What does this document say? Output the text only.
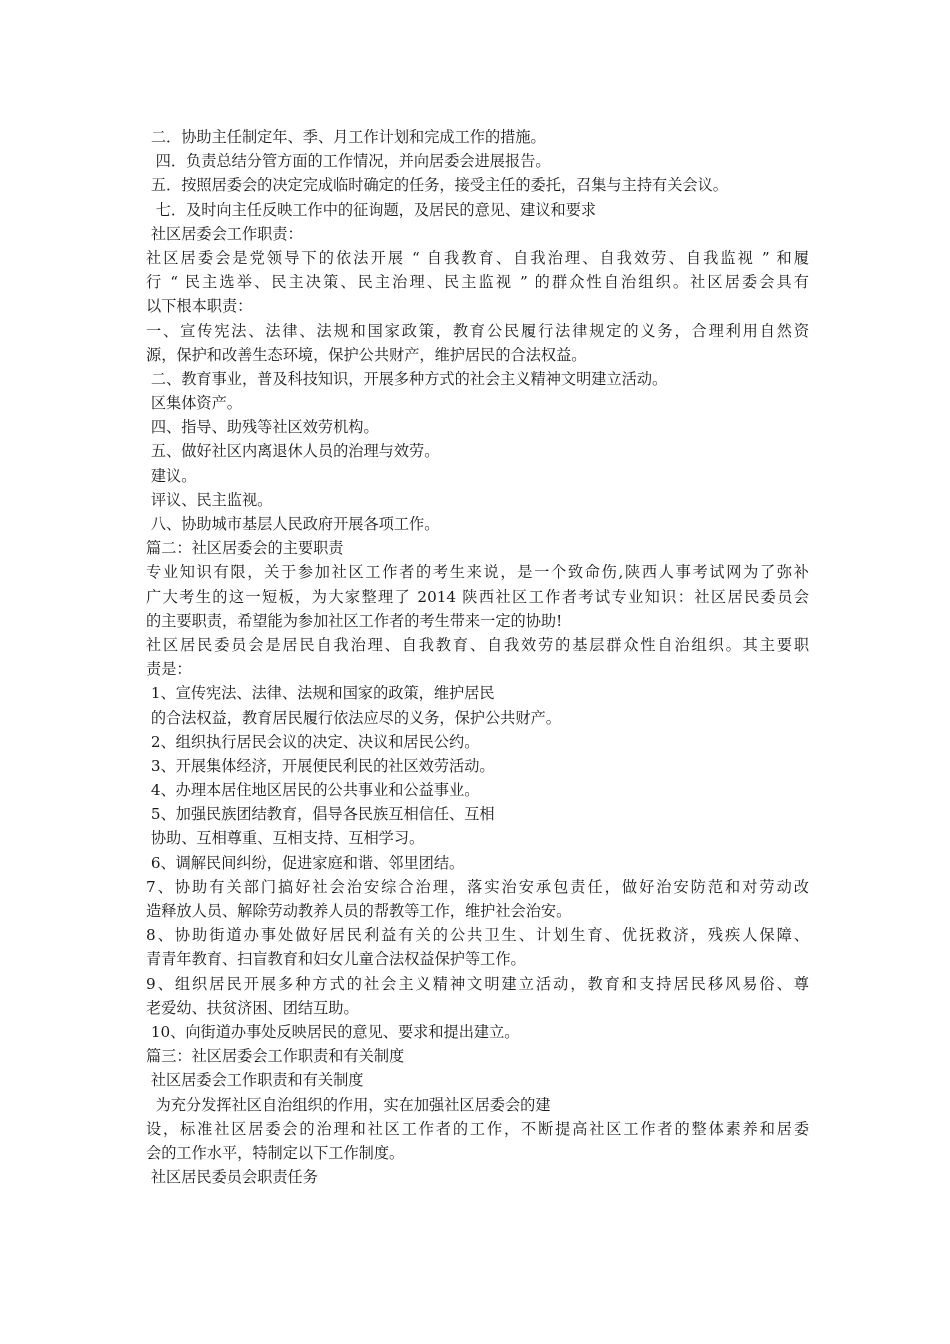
二．协助主任制定年、季、月工作计划和完成工作的措施。
四．负责总结分管方面的工作情况，并向居委会进展报告。
五．按照居委会的决定完成临时确定的任务，接受主任的委托，召集与主持有关会议。
七．及时向主任反映工作中的征询题，及居民的意见、建议和要求
社区居委会工作职责：
社区居委会是党领导下的依法开展 “ 自我教育、自我治理、自我效劳、自我监视 ” 和履
行 “ 民主选举、民主决策、民主治理、民主监视 ” 的群众性自治组织。社区居委会具有
以下根本职责：
一、宣传宪法、法律、法规和国家政策，教育公民履行法律规定的义务，合理利用自然资
源，保护和改善生态环境，保护公共财产，维护居民的合法权益。
二、教育事业，普及科技知识，开展多种方式的社会主义精神文明建立活动。
区集体资产。
四、指导、助残等社区效劳机构。
五、做好社区内离退休人员的治理与效劳。
建议。
评议、民主监视。
八、协助城市基层人民政府开展各项工作。
篇二：社区居委会的主要职责
专业知识有限，关于参加社区工作者的考生来说，是一个致命伤,陕西人事考试网为了弥补
广大考生的这一短板，为大家整理了 2014 陕西社区工作者考试专业知识：社区居民委员会
的主要职责，希望能为参加社区工作者的考生带来一定的协助!
社区居民委员会是居民自我治理、自我教育、自我效劳的基层群众性自治组织。其主要职
责是：
1、宣传宪法、法律、法规和国家的政策，维护居民
的合法权益，教育居民履行依法应尽的义务，保护公共财产。
2、组织执行居民会议的决定、决议和居民公约。
3、开展集体经济，开展便民利民的社区效劳活动。
4、办理本居住地区居民的公共事业和公益事业。
5、加强民族团结教育，倡导各民族互相信任、互相
协助、互相尊重、互相支持、互相学习。
6、调解民间纠纷，促进家庭和谐、邻里团结。
7、协助有关部门搞好社会治安综合治理，落实治安承包责任，做好治安防范和对劳动改
造释放人员、解除劳动教养人员的帮教等工作，维护社会治安。
8、协助街道办事处做好居民利益有关的公共卫生、计划生育、优抚救济，残疾人保障、
青青年教育、扫盲教育和妇女儿童合法权益保护等工作。
9、组织居民开展多种方式的社会主义精神文明建立活动，教育和支持居民移风易俗、尊
老爱幼、扶贫济困、团结互助。
10、向街道办事处反映居民的意见、要求和提出建立。
篇三：社区居委会工作职责和有关制度
社区居委会工作职责和有关制度
为充分发挥社区自治组织的作用，实在加强社区居委会的建
设，标准社区居委会的治理和社区工作者的工作，不断提高社区工作者的整体素养和居委
会的工作水平，特制定以下工作制度。
社区居民委员会职责任务
